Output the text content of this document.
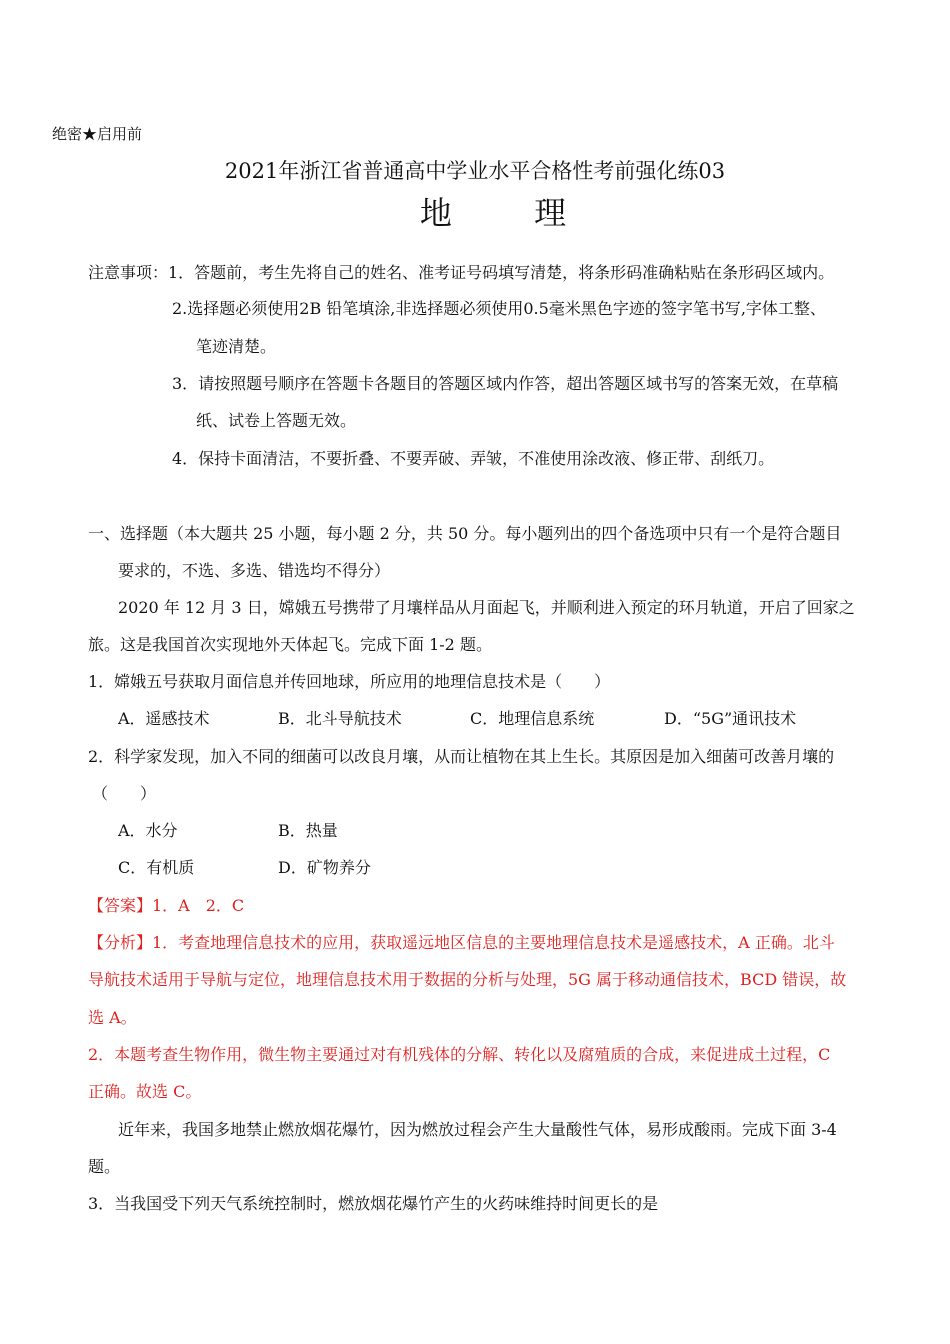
绝密★启用前
2021年浙江省普通高中学业水平合格性考前强化练03
地 理
注意事项：1．答题前，考生先将自己的姓名、准考证号码填写清楚，将条形码准确粘贴在条形码区域内。
2.选择题必须使用2B 铅笔填涂,非选择题必须使用0.5毫米黑色字迹的签字笔书写,字体工整、
笔迹清楚。
3．请按照题号顺序在答题卡各题目的答题区域内作答，超出答题区域书写的答案无效，在草稿
纸、试卷上答题无效。
4．保持卡面清洁，不要折叠、不要弄破、弄皱，不准使用涂改液、修正带、刮纸刀。
一、选择题（本大题共 25 小题，每小题 2 分，共 50 分。每小题列出的四个备选项中只有一个是符合题目
要求的，不选、多选、错选均不得分）
2020 年 12 月 3 日，嫦娥五号携带了月壤样品从月面起飞，并顺利进入预定的环月轨道，开启了回家之
旅。这是我国首次实现地外天体起飞。完成下面 1-2 题。
1．嫦娥五号获取月面信息并传回地球，所应用的地理信息技术是（　　）
A．遥感技术	B．北斗导航技术	C．地理信息系统	D．“5G”通讯技术
2．科学家发现，加入不同的细菌可以改良月壤，从而让植物在其上生长。其原因是加入细菌可改善月壤的
（　　）
A．水分	B．热量
C．有机质	D．矿物养分
【答案】1．A　2．C
【分析】1．考查地理信息技术的应用，获取遥远地区信息的主要地理信息技术是遥感技术，A 正确。北斗
导航技术适用于导航与定位，地理信息技术用于数据的分析与处理，5G 属于移动通信技术，BCD 错误，故
选 A。
2．本题考查生物作用，微生物主要通过对有机残体的分解、转化以及腐殖质的合成，来促进成土过程，C
正确。故选 C。
近年来，我国多地禁止燃放烟花爆竹，因为燃放过程会产生大量酸性气体，易形成酸雨。完成下面 3-4
题。
3．当我国受下列天气系统控制时，燃放烟花爆竹产生的火药味维持时间更长的是
